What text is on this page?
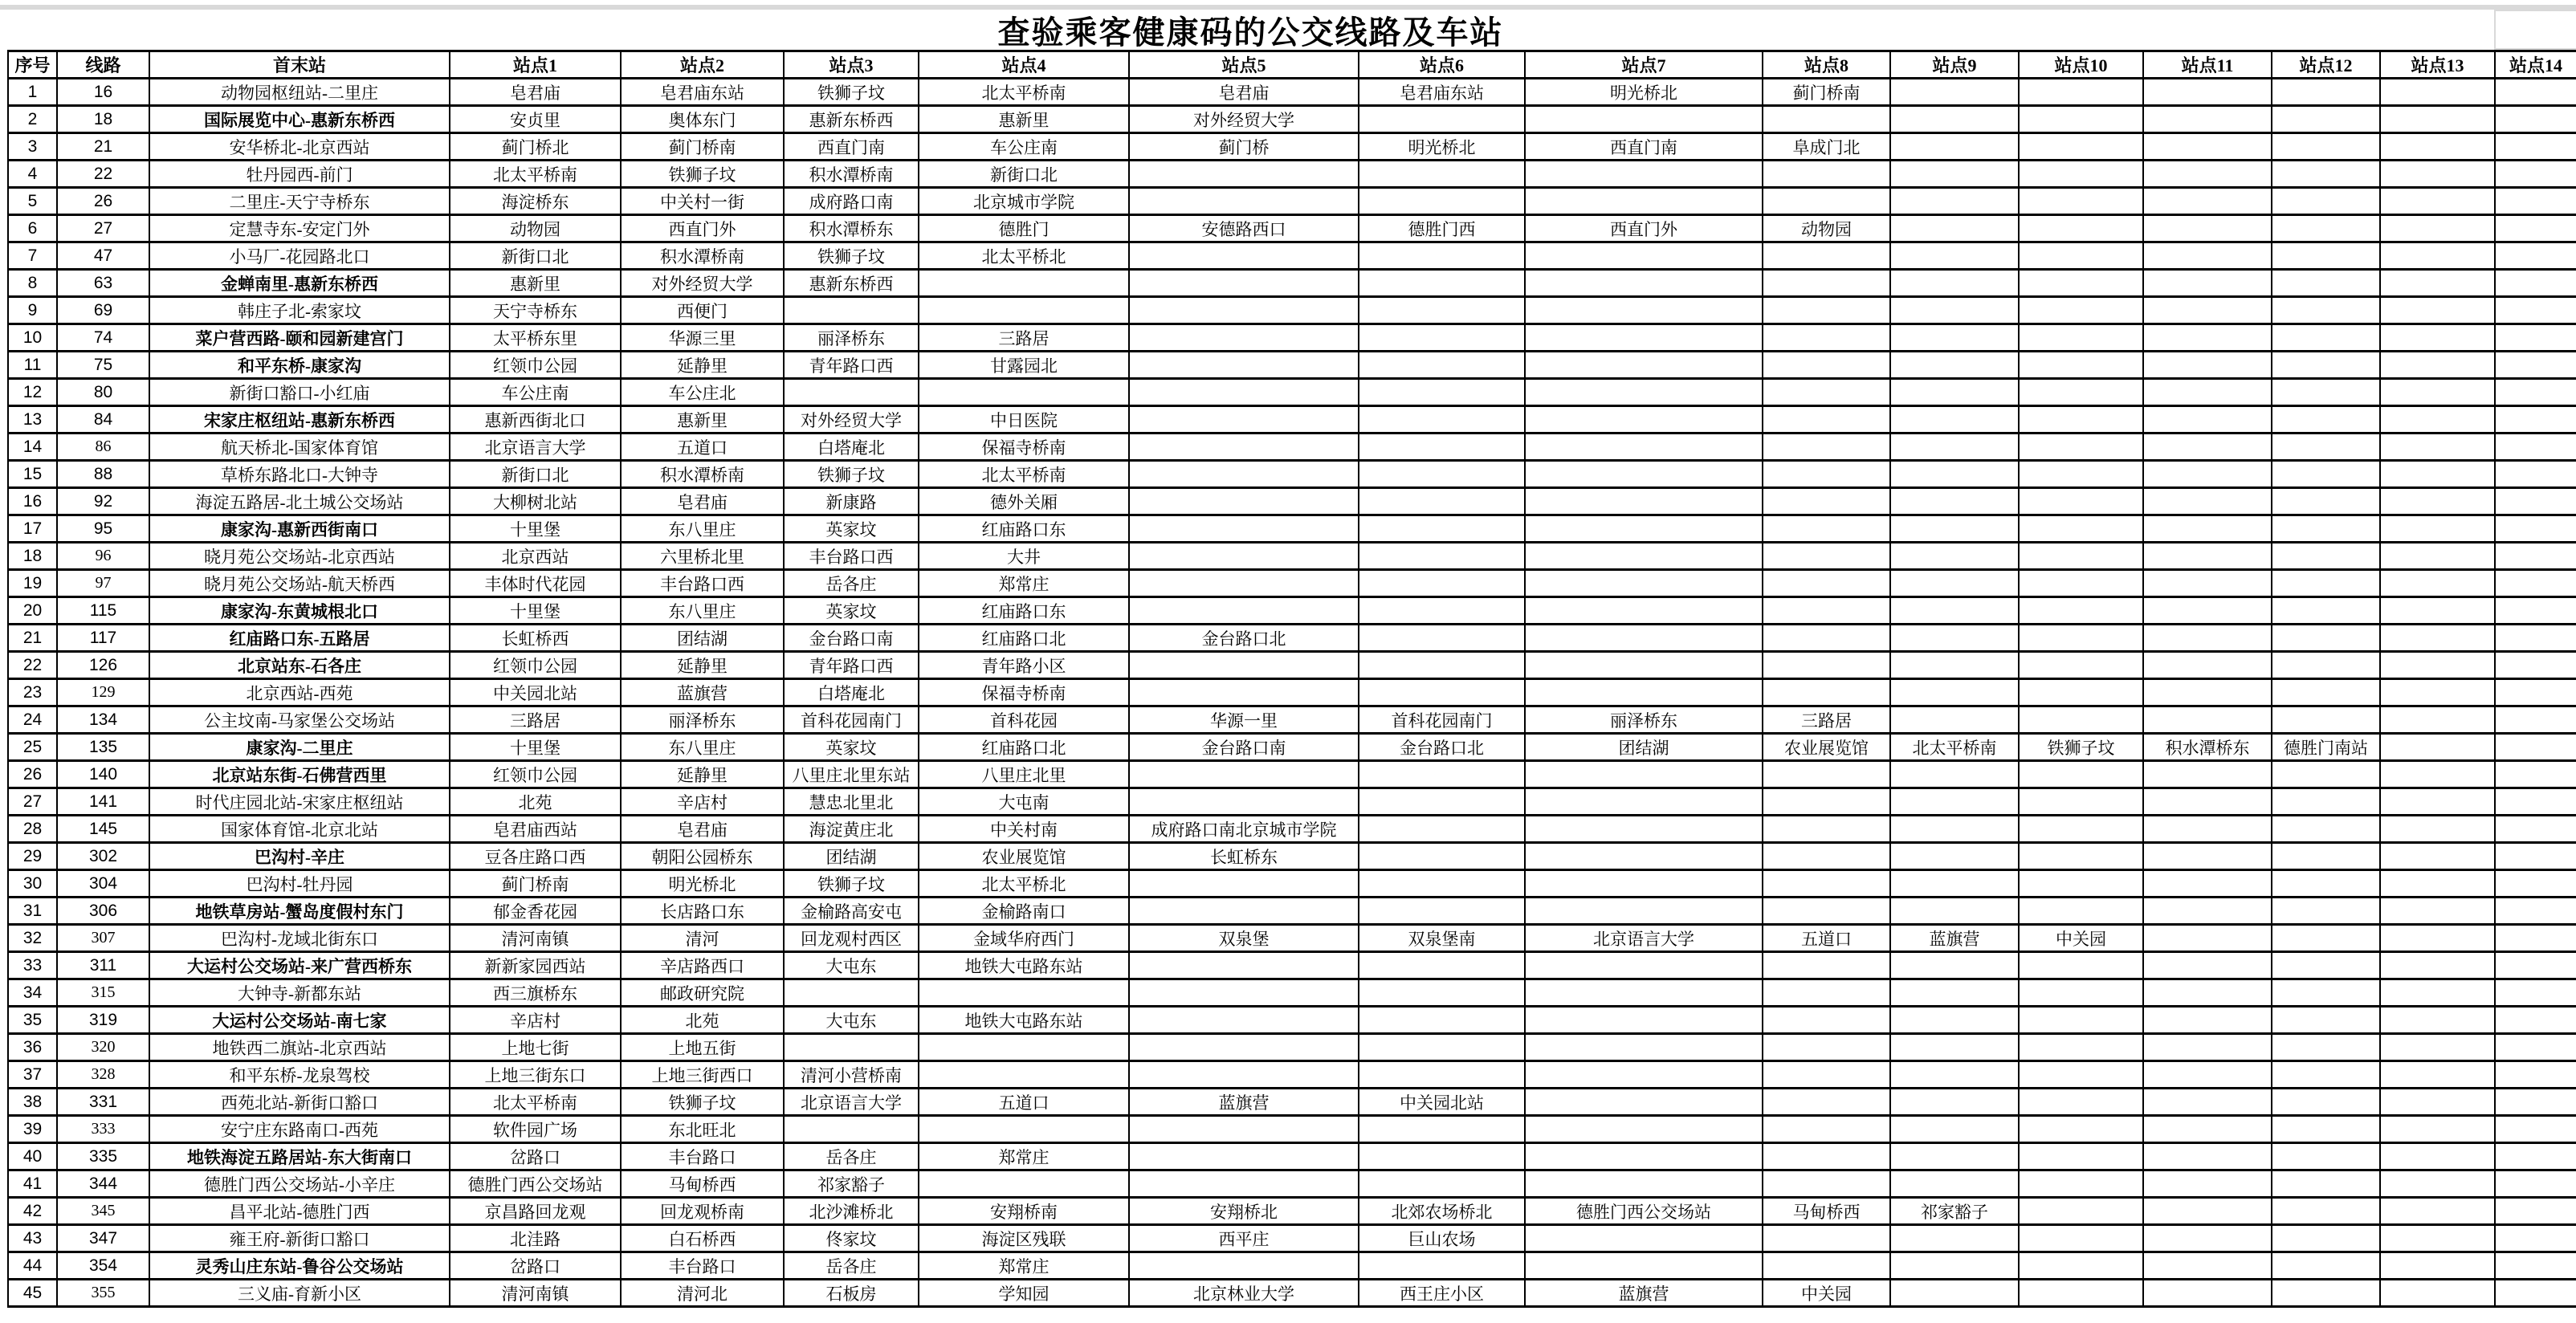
查验乘客健康码的公交线路及车站
序号	线路	首末站	站点1	站点2	站点3	站点4	站点5	站点6	站点7	站点8	站点9	站点10	站点11	站点12	站点13	站点14
1	16	动物园枢纽站-二里庄	皂君庙	皂君庙东站	铁狮子坟	北太平桥南	皂君庙	皂君庙东站	明光桥北	蓟门桥南						
2	18	国际展览中心-惠新东桥西	安贞里	奥体东门	惠新东桥西	惠新里	对外经贸大学									
3	21	安华桥北-北京西站	蓟门桥北	蓟门桥南	西直门南	车公庄南	蓟门桥	明光桥北	西直门南	阜成门北						
4	22	牡丹园西-前门	北太平桥南	铁狮子坟	积水潭桥南	新街口北										
5	26	二里庄-天宁寺桥东	海淀桥东	中关村一街	成府路口南	北京城市学院										
6	27	定慧寺东-安定门外	动物园	西直门外	积水潭桥东	德胜门	安德路西口	德胜门西	西直门外	动物园						
7	47	小马厂-花园路北口	新街口北	积水潭桥南	铁狮子坟	北太平桥北										
8	63	金蝉南里-惠新东桥西	惠新里	对外经贸大学	惠新东桥西											
9	69	韩庄子北-索家坟	天宁寺桥东	西便门												
10	74	菜户营西路-颐和园新建宫门	太平桥东里	华源三里	丽泽桥东	三路居										
11	75	和平东桥-康家沟	红领巾公园	延静里	青年路口西	甘露园北										
12	80	新街口豁口-小红庙	车公庄南	车公庄北												
13	84	宋家庄枢纽站-惠新东桥西	惠新西街北口	惠新里	对外经贸大学	中日医院										
14	86	航天桥北-国家体育馆	北京语言大学	五道口	白塔庵北	保福寺桥南										
15	88	草桥东路北口-大钟寺	新街口北	积水潭桥南	铁狮子坟	北太平桥南										
16	92	海淀五路居-北土城公交场站	大柳树北站	皂君庙	新康路	德外关厢										
17	95	康家沟-惠新西街南口	十里堡	东八里庄	英家坟	红庙路口东										
18	96	晓月苑公交场站-北京西站	北京西站	六里桥北里	丰台路口西	大井										
19	97	晓月苑公交场站-航天桥西	丰体时代花园	丰台路口西	岳各庄	郑常庄										
20	115	康家沟-东黄城根北口	十里堡	东八里庄	英家坟	红庙路口东										
21	117	红庙路口东-五路居	长虹桥西	团结湖	金台路口南	红庙路口北	金台路口北									
22	126	北京站东-石各庄	红领巾公园	延静里	青年路口西	青年路小区										
23	129	北京西站-西苑	中关园北站	蓝旗营	白塔庵北	保福寺桥南										
24	134	公主坟南-马家堡公交场站	三路居	丽泽桥东	首科花园南门	首科花园	华源一里	首科花园南门	丽泽桥东	三路居						
25	135	康家沟-二里庄	十里堡	东八里庄	英家坟	红庙路口北	金台路口南	金台路口北	团结湖	农业展览馆	北太平桥南	铁狮子坟	积水潭桥东	德胜门南站		
26	140	北京站东街-石佛营西里	红领巾公园	延静里	八里庄北里东站	八里庄北里										
27	141	时代庄园北站-宋家庄枢纽站	北苑	辛店村	慧忠北里北	大屯南										
28	145	国家体育馆-北京北站	皂君庙西站	皂君庙	海淀黄庄北	中关村南	成府路口南北京城市学院									
29	302	巴沟村-辛庄	豆各庄路口西	朝阳公园桥东	团结湖	农业展览馆	长虹桥东									
30	304	巴沟村-牡丹园	蓟门桥南	明光桥北	铁狮子坟	北太平桥北										
31	306	地铁草房站-蟹岛度假村东门	郁金香花园	长店路口东	金榆路高安屯	金榆路南口										
32	307	巴沟村-龙域北街东口	清河南镇	清河	回龙观村西区	金域华府西门	双泉堡	双泉堡南	北京语言大学	五道口	蓝旗营	中关园				
33	311	大运村公交场站-来广营西桥东	新新家园西站	辛店路西口	大屯东	地铁大屯路东站										
34	315	大钟寺-新都东站	西三旗桥东	邮政研究院												
35	319	大运村公交场站-南七家	辛店村	北苑	大屯东	地铁大屯路东站										
36	320	地铁西二旗站-北京西站	上地七街	上地五街												
37	328	和平东桥-龙泉驾校	上地三街东口	上地三街西口	清河小营桥南											
38	331	西苑北站-新街口豁口	北太平桥南	铁狮子坟	北京语言大学	五道口	蓝旗营	中关园北站								
39	333	安宁庄东路南口-西苑	软件园广场	东北旺北												
40	335	地铁海淀五路居站-东大街南口	岔路口	丰台路口	岳各庄	郑常庄										
41	344	德胜门西公交场站-小辛庄	德胜门西公交场站	马甸桥西	祁家豁子											
42	345	昌平北站-德胜门西	京昌路回龙观	回龙观桥南	北沙滩桥北	安翔桥南	安翔桥北	北郊农场桥北	德胜门西公交场站	马甸桥西	祁家豁子					
43	347	雍王府-新街口豁口	北洼路	白石桥西	佟家坟	海淀区残联	西平庄	巨山农场								
44	354	灵秀山庄东站-鲁谷公交场站	岔路口	丰台路口	岳各庄	郑常庄										
45	355	三义庙-育新小区	清河南镇	清河北	石板房	学知园	北京林业大学	西王庄小区	蓝旗营	中关园						
